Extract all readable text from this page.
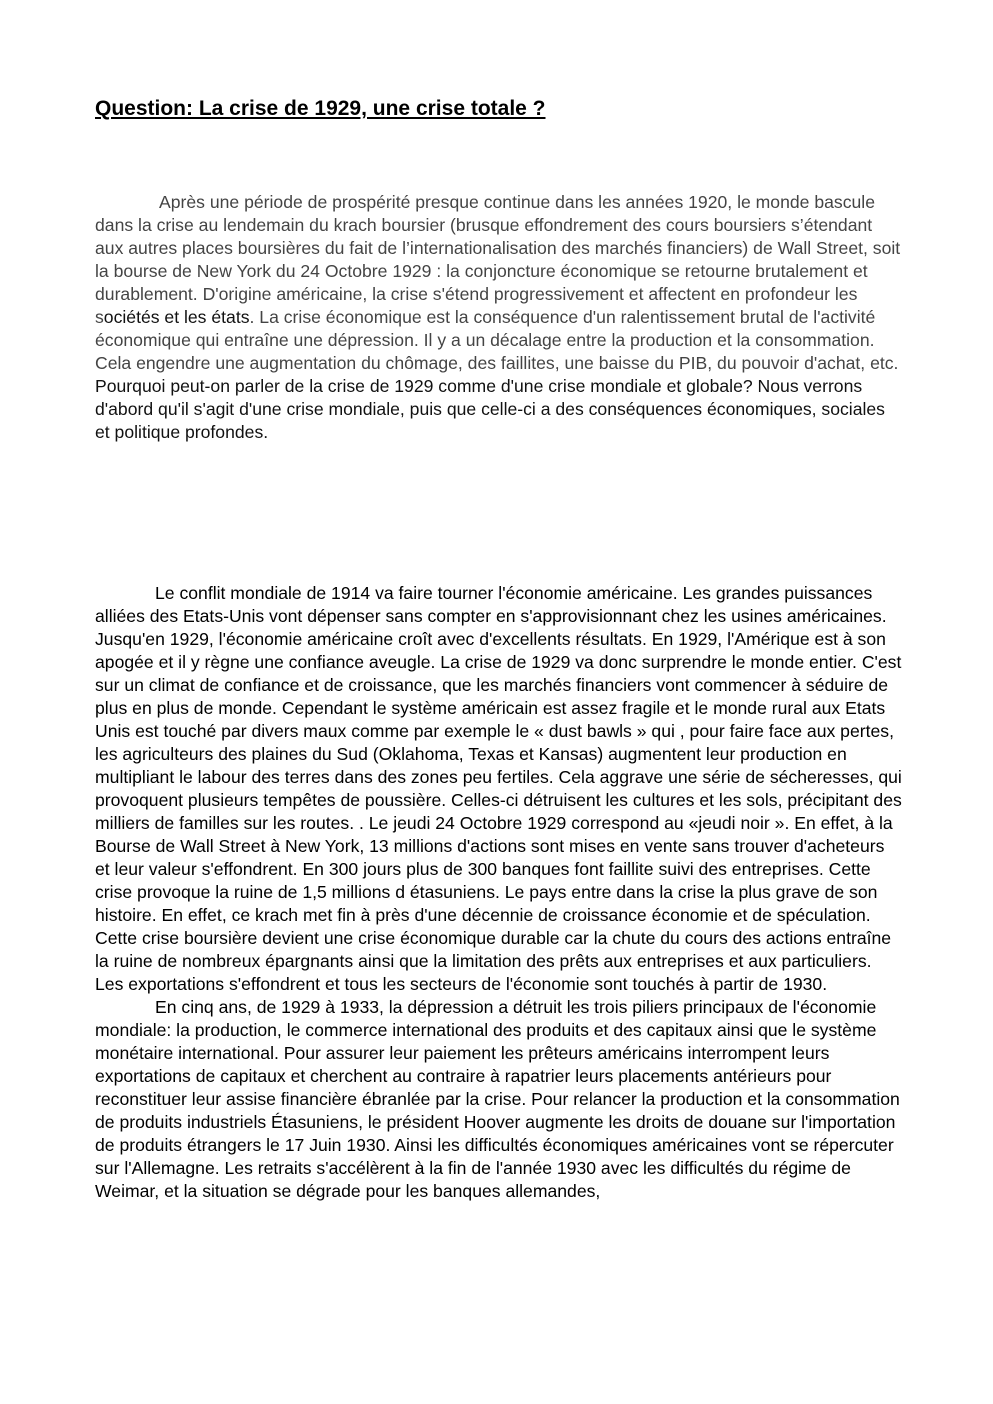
Question: La crise de 1929, une crise totale ?

Après une période de prospérité presque continue dans les années 1920, le monde bascule dans la crise au lendemain du krach boursier (brusque effondrement des cours boursiers s’étendant aux autres places boursières du fait de l’internationalisation des marchés financiers) de Wall Street, soit la bourse de New York du 24 Octobre 1929 : la conjoncture économique se retourne brutalement et durablement. D'origine américaine, la crise s'étend progressivement et affectent en profondeur les sociétés et les états. La crise économique est la conséquence d'un ralentissement brutal de l'activité économique qui entraîne une dépression. Il y a un décalage entre la production et la consommation. Cela engendre une augmentation du chômage, des faillites, une baisse du PIB, du pouvoir d'achat, etc. Pourquoi peut-on parler de la crise de 1929 comme d'une crise mondiale et globale? Nous verrons d'abord qu'il s'agit d'une crise mondiale, puis que celle-ci a des conséquences économiques, sociales et politique profondes.

Le conflit mondiale de 1914 va faire tourner l'économie américaine. Les grandes puissances alliées des Etats-Unis vont dépenser sans compter en s'approvisionnant chez les usines américaines. Jusqu'en 1929, l'économie américaine croît avec d'excellents résultats. En 1929, l'Amérique est à son apogée et il y règne une confiance aveugle. La crise de 1929 va donc surprendre le monde entier. C'est sur un climat de confiance et de croissance, que les marchés financiers vont commencer à séduire de plus en plus de monde. Cependant le système américain est assez fragile et le monde rural aux Etats Unis est touché par divers maux comme par exemple le « dust bawls » qui , pour faire face aux pertes, les agriculteurs des plaines du Sud (Oklahoma, Texas et Kansas) augmentent leur production en multipliant le labour des terres dans des zones peu fertiles. Cela aggrave une série de sécheresses, qui provoquent plusieurs tempêtes de poussière. Celles-ci détruisent les cultures et les sols, précipitant des milliers de familles sur les routes. . Le jeudi 24 Octobre 1929 correspond au «jeudi noir ». En effet, à la Bourse de Wall Street à New York, 13 millions d'actions sont mises en vente sans trouver d'acheteurs et leur valeur s'effondrent. En 300 jours plus de 300 banques font faillite suivi des entreprises. Cette crise provoque la ruine de 1,5 millions d étasuniens. Le pays entre dans la crise la plus grave de son histoire. En effet, ce krach met fin à près d'une décennie de croissance économie et de spéculation. Cette crise boursière devient une crise économique durable car la chute du cours des actions entraîne la ruine de nombreux épargnants ainsi que la limitation des prêts aux entreprises et aux particuliers. Les exportations s'effondrent et tous les secteurs de l'économie sont touchés à partir de 1930.

En cinq ans, de 1929 à 1933, la dépression a détruit les trois piliers principaux de l'économie mondiale: la production, le commerce international des produits et des capitaux ainsi que le système monétaire international. Pour assurer leur paiement les prêteurs américains interrompent leurs exportations de capitaux et cherchent au contraire à rapatrier leurs placements antérieurs pour reconstituer leur assise financière ébranlée par la crise. Pour relancer la production et la consommation de produits industriels Étasuniens, le président Hoover augmente les droits de douane sur l'importation de produits étrangers le 17 Juin 1930. Ainsi les difficultés économiques américaines vont se répercuter sur l'Allemagne. Les retraits s'accélèrent à la fin de l'année 1930 avec les difficultés du régime de Weimar, et la situation se dégrade pour les banques allemandes,
